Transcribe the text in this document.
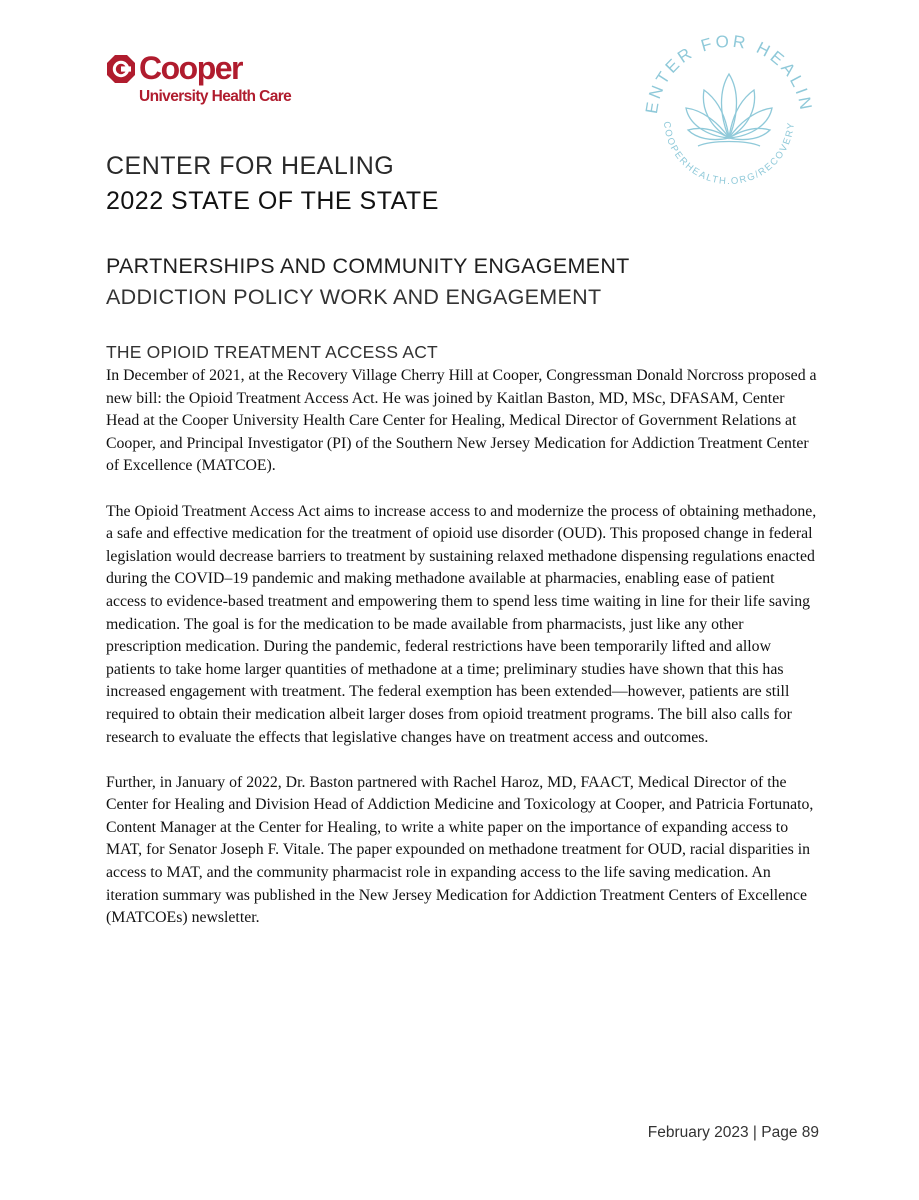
Cooper
University Health Care
ENTER FOR HEALIN
COOPERHEALTH.ORG/RECOVERY
CENTER FOR HEALING
2022 STATE OF THE STATE
PARTNERSHIPS AND COMMUNITY ENGAGEMENT
ADDICTION POLICY WORK AND ENGAGEMENT
THE OPIOID TREATMENT ACCESS ACT

In December of 2021, at the Recovery Village Cherry Hill at Cooper, Congressman Donald Norcross proposed a new bill: the Opioid Treatment Access Act. He was joined by Kaitlan Baston, MD, MSc, DFASAM, Center Head at the Cooper University Health Care Center for Healing, Medical Director of Government Relations at Cooper, and Principal Investigator (PI) of the Southern New Jersey Medication for Addiction Treatment Center of Excellence (MATCOE).

The Opioid Treatment Access Act aims to increase access to and modernize the process of obtaining methadone, a safe and effective medication for the treatment of opioid use disorder (OUD). This proposed change in federal legislation would decrease barriers to treatment by sustaining relaxed methadone dispensing regulations enacted during the COVID–19 pandemic and making methadone available at pharmacies, enabling ease of patient access to evidence-based treatment and empowering them to spend less time waiting in line for their life saving medication. The goal is for the medication to be made available from pharmacists, just like any other prescription medication. During the pandemic, federal restrictions have been temporarily lifted and allow patients to take home larger quantities of methadone at a time; preliminary studies have shown that this has increased engagement with treatment. The federal exemption has been extended—however, patients are still required to obtain their medication albeit larger doses from opioid treatment programs. The bill also calls for research to evaluate the effects that legislative changes have on treatment access and outcomes.

Further, in January of 2022, Dr. Baston partnered with Rachel Haroz, MD, FAACT, Medical Director of the Center for Healing and Division Head of Addiction Medicine and Toxicology at Cooper, and Patricia Fortunato, Content Manager at the Center for Healing, to write a white paper on the importance of expanding access to MAT, for Senator Joseph F. Vitale. The paper expounded on methadone treatment for OUD, racial disparities in access to MAT, and the community pharmacist role in expanding access to the life saving medication. An iteration summary was published in the New Jersey Medication for Addiction Treatment Centers of Excellence (MATCOEs) newsletter.

February 2023 | Page 89
